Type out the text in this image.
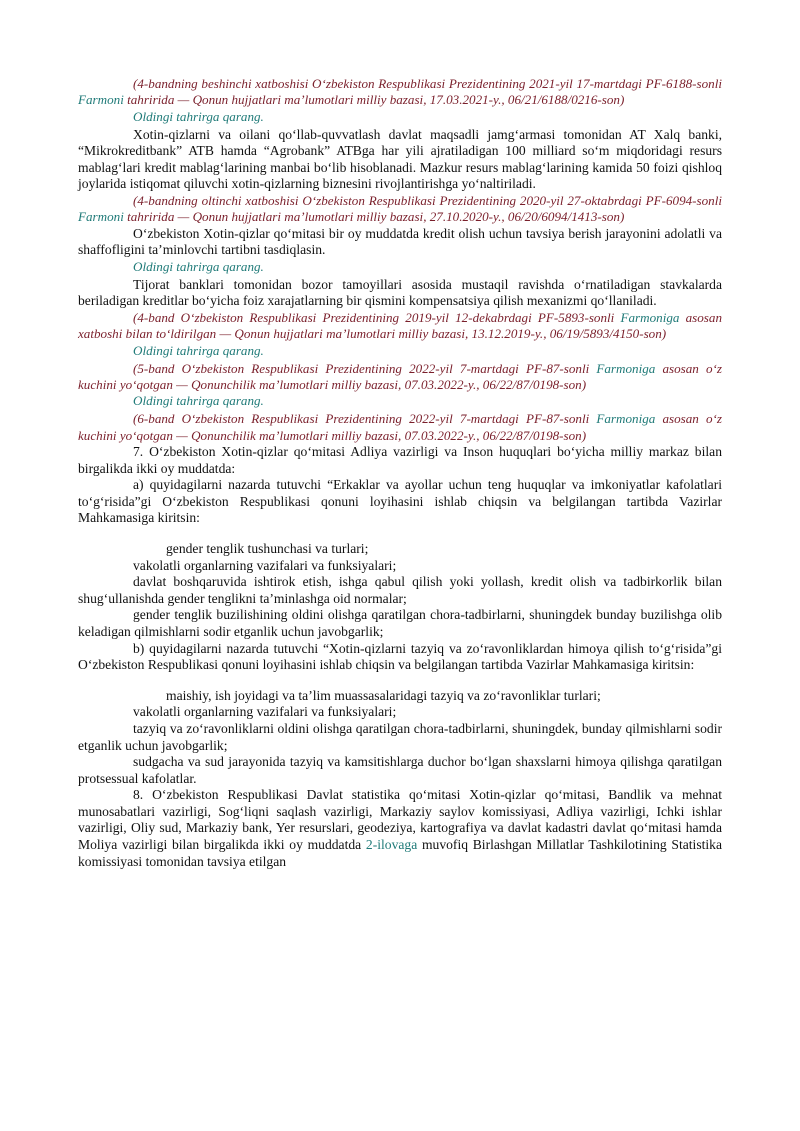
(4-bandning beshinchi xatboshisi O‘zbekiston Respublikasi Prezidentining 2021-yil 17-martdagi PF-6188-sonli Farmoni tahririda — Qonun hujjatlari ma’lumotlari milliy bazasi, 17.03.2021-y., 06/21/6188/0216-son)

Oldingi tahrirga qarang.

Xotin-qizlarni va oilani qo‘llab-quvvatlash davlat maqsadli jamg‘armasi tomonidan AT Xalq banki, “Mikrokreditbank” ATB hamda “Agrobank” ATBga har yili ajratiladigan 100 milliard so‘m miqdoridagi resurs mablag‘lari kredit mablag‘larining manbai bo‘lib hisoblanadi. Mazkur resurs mablag‘larining kamida 50 foizi qishloq joylarida istiqomat qiluvchi xotin-qizlarning biznesini rivojlantirishga yo‘naltiriladi.

(4-bandning oltinchi xatboshisi O‘zbekiston Respublikasi Prezidentining 2020-yil 27-oktabrdagi PF-6094-sonli Farmoni tahririda — Qonun hujjatlari ma’lumotlari milliy bazasi, 27.10.2020-y., 06/20/6094/1413-son)

O‘zbekiston Xotin-qizlar qo‘mitasi bir oy muddatda kredit olish uchun tavsiya berish jarayonini adolatli va shaffofligini ta’minlovchi tartibni tasdiqlasin.

Oldingi tahrirga qarang.

Tijorat banklari tomonidan bozor tamoyillari asosida mustaqil ravishda o‘rnatiladigan stavkalarda beriladigan kreditlar bo‘yicha foiz xarajatlarning bir qismini kompensatsiya qilish mexanizmi qo‘llaniladi.

(4-band O‘zbekiston Respublikasi Prezidentining 2019-yil 12-dekabrdagi PF-5893-sonli Farmoniga asosan xatboshi bilan to‘ldirilgan — Qonun hujjatlari ma’lumotlari milliy bazasi, 13.12.2019-y., 06/19/5893/4150-son)

Oldingi tahrirga qarang.

(5-band O‘zbekiston Respublikasi Prezidentining 2022-yil 7-martdagi PF-87-sonli Farmoniga asosan o‘z kuchini yo‘qotgan — Qonunchilik ma’lumotlari milliy bazasi, 07.03.2022-y., 06/22/87/0198-son)

Oldingi tahrirga qarang.

(6-band O‘zbekiston Respublikasi Prezidentining 2022-yil 7-martdagi PF-87-sonli Farmoniga asosan o‘z kuchini yo‘qotgan — Qonunchilik ma’lumotlari milliy bazasi, 07.03.2022-y., 06/22/87/0198-son)

7. O‘zbekiston Xotin-qizlar qo‘mitasi Adliya vazirligi va Inson huquqlari bo‘yicha milliy markaz bilan birgalikda ikki oy muddatda:

a) quyidagilarni nazarda tutuvchi “Erkaklar va ayollar uchun teng huquqlar va imkoniyatlar kafolatlari to‘g‘risida”gi O‘zbekiston Respublikasi qonuni loyihasini ishlab chiqsin va belgilangan tartibda Vazirlar Mahkamasiga kiritsin:

gender tenglik tushunchasi va turlari;

vakolatli organlarning vazifalari va funksiyalari;

davlat boshqaruvida ishtirok etish, ishga qabul qilish yoki yollash, kredit olish va tadbirkorlik bilan shug‘ullanishda gender tenglikni ta’minlashga oid normalar;

gender tenglik buzilishining oldini olishga qaratilgan chora-tadbirlarni, shuningdek bunday buzilishga olib keladigan qilmishlarni sodir etganlik uchun javobgarlik;

b) quyidagilarni nazarda tutuvchi “Xotin-qizlarni tazyiq va zo‘ravonliklardan himoya qilish to‘g‘risida”gi O‘zbekiston Respublikasi qonuni loyihasini ishlab chiqsin va belgilangan tartibda Vazirlar Mahkamasiga kiritsin:

maishiy, ish joyidagi va ta’lim muassasalaridagi tazyiq va zo‘ravonliklar turlari;

vakolatli organlarning vazifalari va funksiyalari;

tazyiq va zo‘ravonliklarni oldini olishga qaratilgan chora-tadbirlarni, shuningdek, bunday qilmishlarni sodir etganlik uchun javobgarlik;

sudgacha va sud jarayonida tazyiq va kamsitishlarga duchor bo‘lgan shaxslarni himoya qilishga qaratilgan protsessual kafolatlar.

8. O‘zbekiston Respublikasi Davlat statistika qo‘mitasi Xotin-qizlar qo‘mitasi, Bandlik va mehnat munosabatlari vazirligi, Sog‘liqni saqlash vazirligi, Markaziy saylov komissiyasi, Adliya vazirligi, Ichki ishlar vazirligi, Oliy sud, Markaziy bank, Yer resurslari, geodeziya, kartografiya va davlat kadastri davlat qo‘mitasi hamda Moliya vazirligi bilan birgalikda ikki oy muddatda 2-ilovaga muvofiq Birlashgan Millatlar Tashkilotining Statistika komissiyasi tomonidan tavsiya etilgan
